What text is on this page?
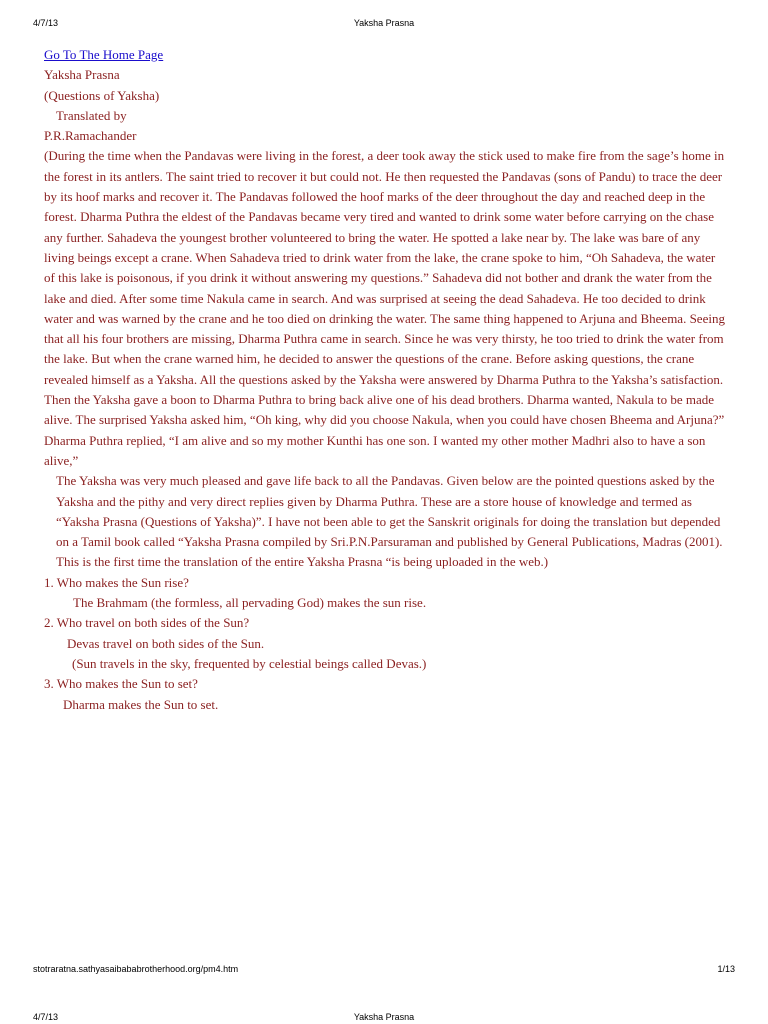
4/7/13	Yaksha Prasna

Go To The Home Page

Yaksha Prasna

(Questions of Yaksha)

Translated by

P.R.Ramachander

(During the time when the Pandavas were living in the forest, a deer took away the stick used to make fire from the sage’s home in the forest in its antlers. The saint tried to recover it but could not. He then requested the Pandavas (sons of Pandu) to trace the deer by its hoof marks and recover it. The Pandavas followed the hoof marks of the deer throughout the day and reached deep in the forest. Dharma Puthra the eldest of the Pandavas became very tired and wanted to drink some water before carrying on the chase any further. Sahadeva the youngest brother volunteered to bring the water. He spotted a lake near by. The lake was bare of any living beings except a crane. When Sahadeva tried to drink water from the lake, the crane spoke to him, “Oh Sahadeva, the water of this lake is poisonous, if you drink it without answering my questions.” Sahadeva did not bother and drank the water from the lake and died. After some time Nakula came in search. And was surprised at seeing the dead Sahadeva. He too decided to drink water and was warned by the crane and he too died on drinking the water. The same thing happened to Arjuna and Bheema. Seeing that all his four brothers are missing, Dharma Puthra came in search. Since he was very thirsty, he too tried to drink the water from the lake. But when the crane warned him, he decided to answer the questions of the crane. Before asking questions, the crane revealed himself as a Yaksha. All the questions asked by the Yaksha were answered by Dharma Puthra to the Yaksha’s satisfaction. Then the Yaksha gave a boon to Dharma Puthra to bring back alive one of his dead brothers. Dharma wanted, Nakula to be made alive. The surprised Yaksha asked him, “Oh king, why did you choose Nakula, when you could have chosen Bheema and Arjuna?” Dharma Puthra replied, “I am alive and so my mother Kunthi has one son. I wanted my other mother Madhri also to have a son alive,”

The Yaksha was very much pleased and gave life back to all the Pandavas. Given below are the pointed questions asked by the Yaksha and the pithy and very direct replies given by Dharma Puthra. These are a store house of knowledge and termed as “Yaksha Prasna (Questions of Yaksha)”. I have not been able to get the Sanskrit originals for doing the translation but depended on a Tamil book called “Yaksha Prasna compiled by Sri.P.N.Parsuraman and published by General Publications, Madras (2001).

This is the first time the translation of the entire Yaksha Prasna “is being uploaded in the web.)

1. Who makes the Sun rise?

The Brahmam (the formless, all pervading God) makes the sun rise.

2. Who travel on both sides of the Sun?

Devas travel on both sides of the Sun.

(Sun travels in the sky, frequented by celestial beings called Devas.)

3. Who makes the Sun to set?

Dharma makes the Sun to set.

stotraratna.sathyasaibababrotherhood.org/pm4.htm	1/13
4/7/13	Yaksha Prasna
